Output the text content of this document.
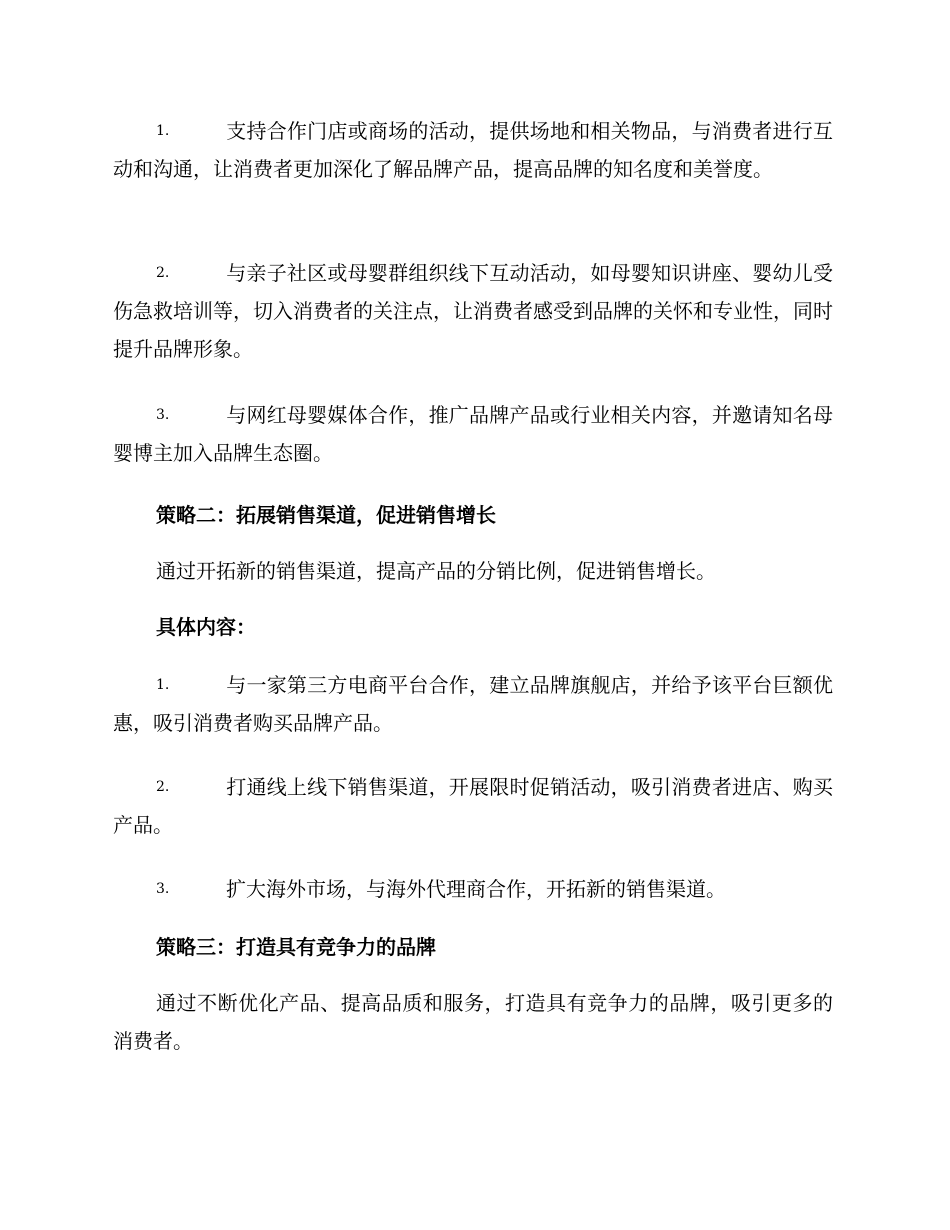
1.	支持合作门店或商场的活动，提供场地和相关物品，与消费者进行互动和沟通，让消费者更加深化了解品牌产品，提高品牌的知名度和美誉度。

2.	与亲子社区或母婴群组织线下互动活动，如母婴知识讲座、婴幼儿受伤急救培训等，切入消费者的关注点，让消费者感受到品牌的关怀和专业性，同时提升品牌形象。

3.	与网红母婴媒体合作，推广品牌产品或行业相关内容，并邀请知名母婴博主加入品牌生态圈。

策略二：拓展销售渠道，促进销售增长

通过开拓新的销售渠道，提高产品的分销比例，促进销售增长。

具体内容：

1.	与一家第三方电商平台合作，建立品牌旗舰店，并给予该平台巨额优惠，吸引消费者购买品牌产品。

2.	打通线上线下销售渠道，开展限时促销活动，吸引消费者进店、购买产品。

3.	扩大海外市场，与海外代理商合作，开拓新的销售渠道。

策略三：打造具有竞争力的品牌

通过不断优化产品、提高品质和服务，打造具有竞争力的品牌，吸引更多的消费者。
